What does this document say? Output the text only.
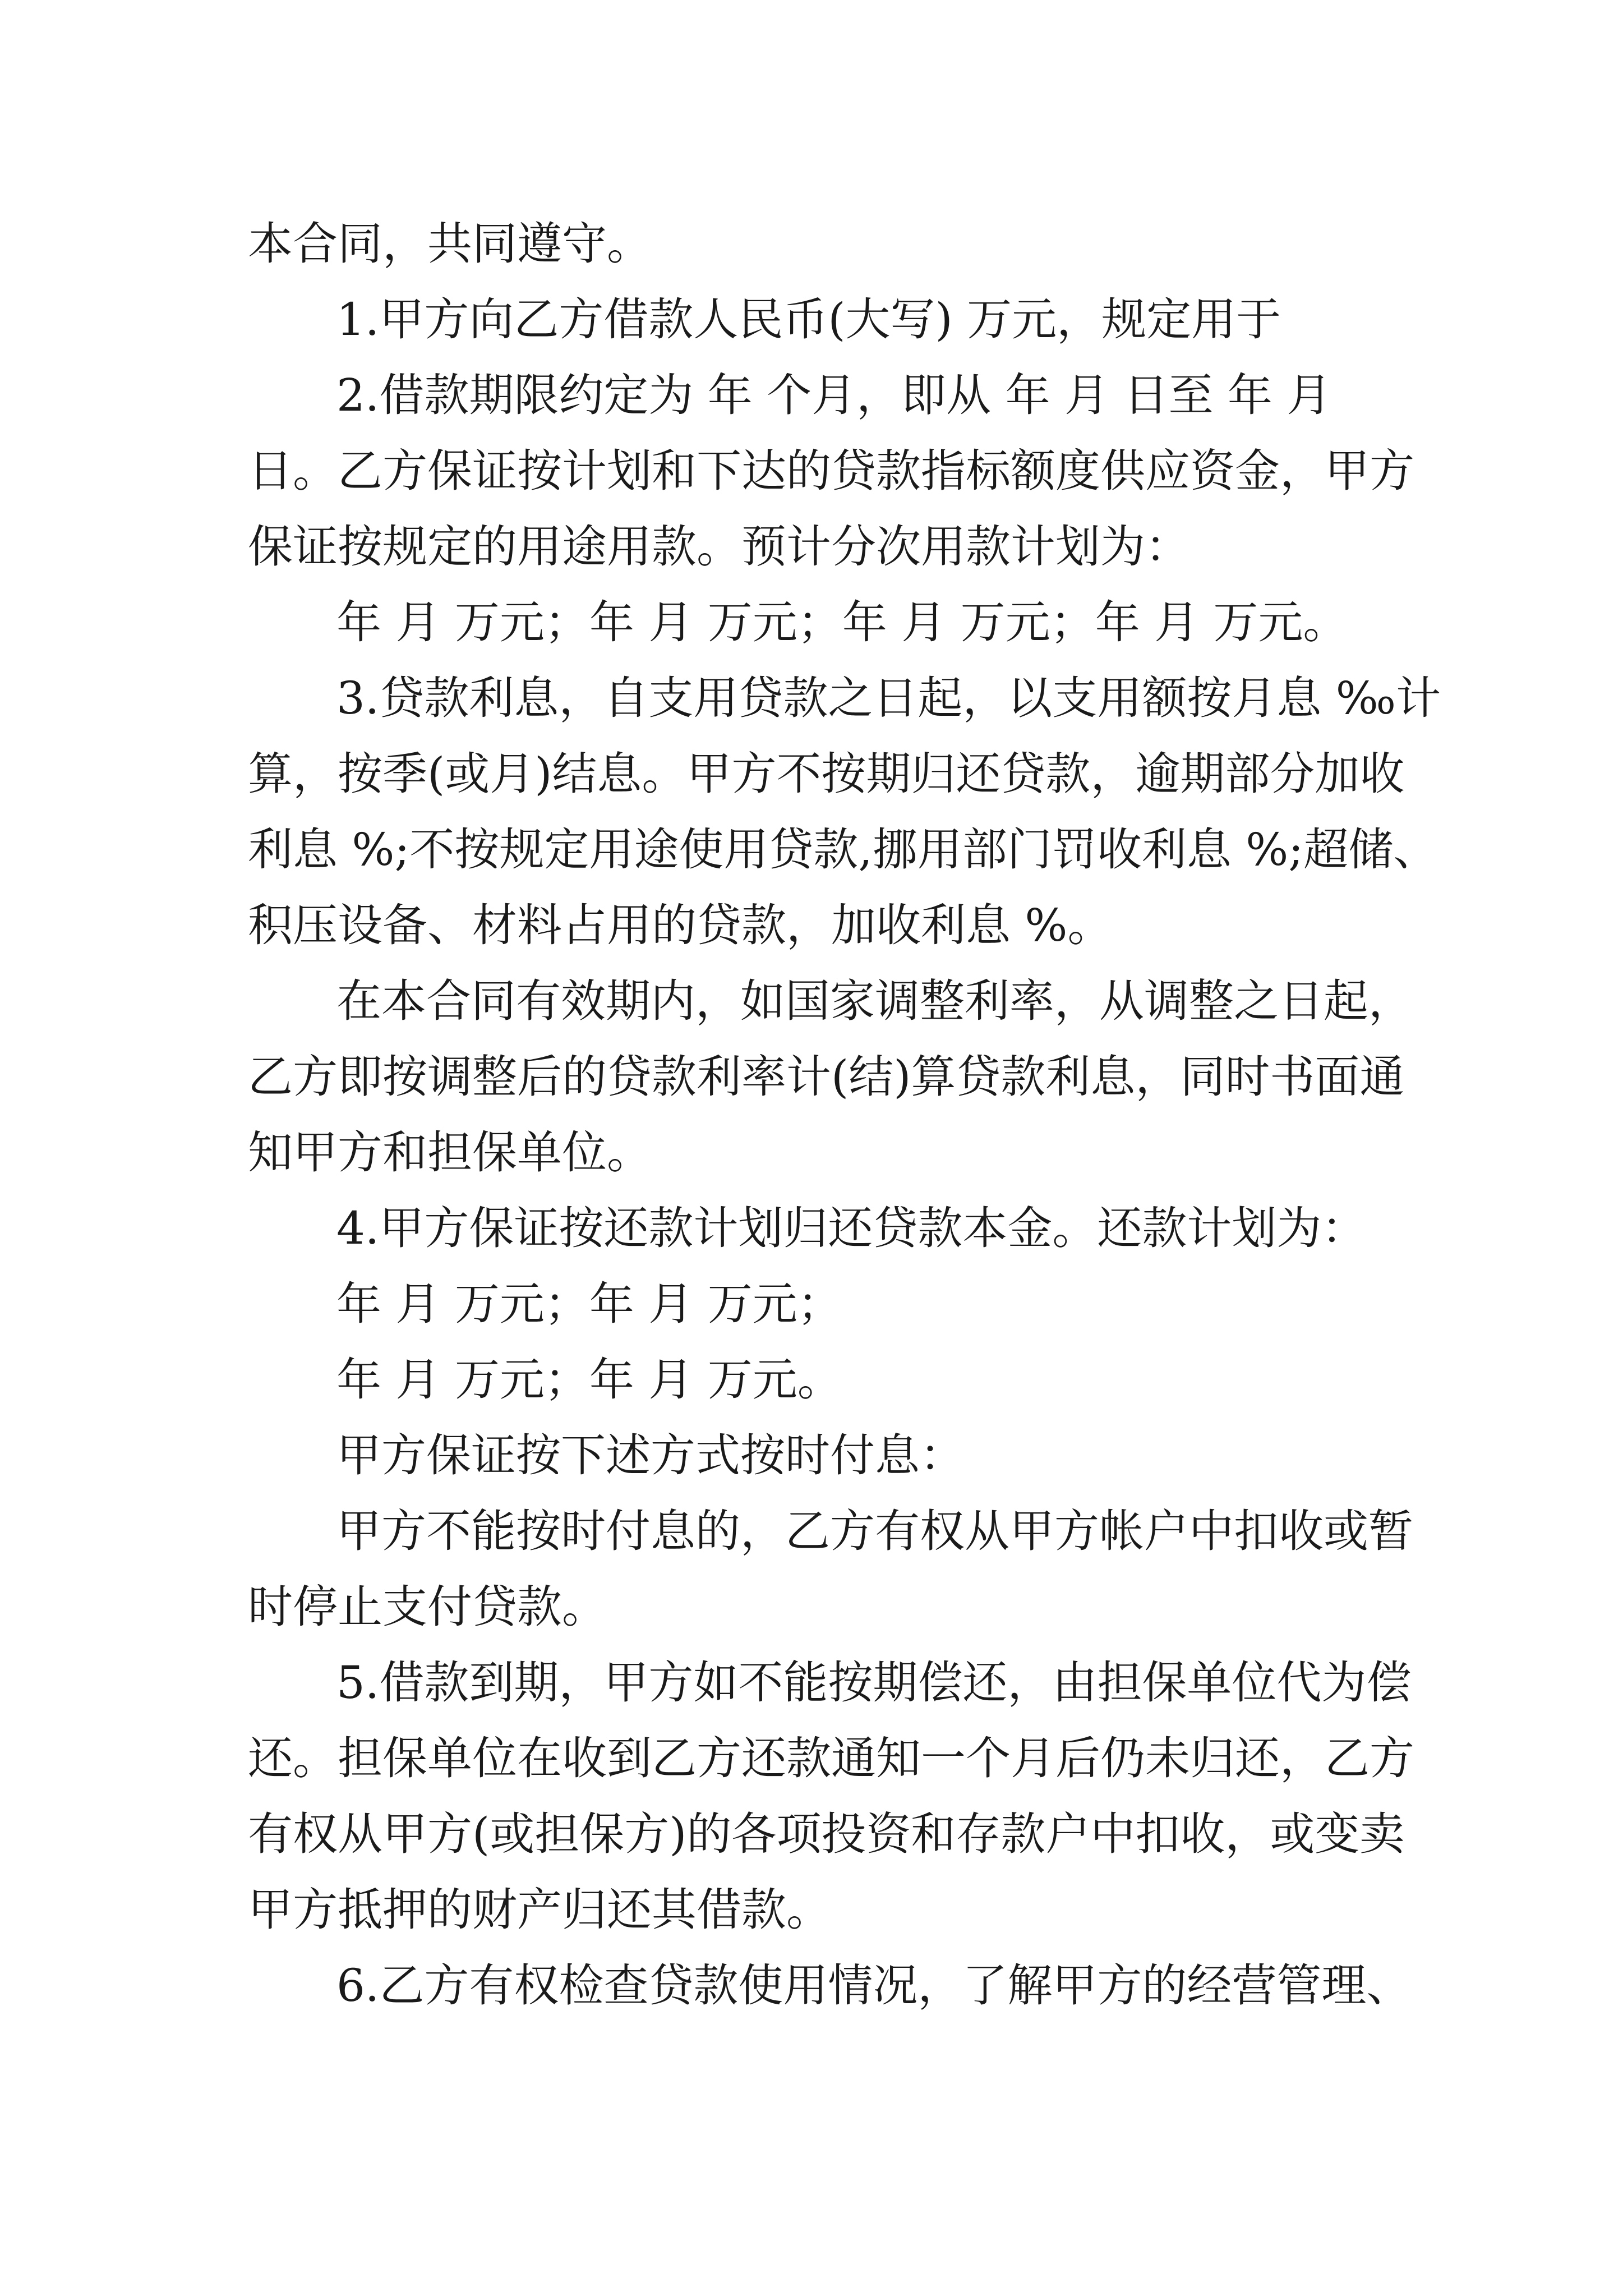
本合同，共同遵守。
1.甲方向乙方借款人民币(大写) 万元，规定用于
2.借款期限约定为 年 个月，即从 年 月 日至 年 月
日。乙方保证按计划和下达的贷款指标额度供应资金，甲方
保证按规定的用途用款。预计分次用款计划为：
年 月 万元；年 月 万元；年 月 万元；年 月 万元。
3.贷款利息，自支用贷款之日起，以支用额按月息 ‰计
算，按季(或月)结息。甲方不按期归还贷款，逾期部分加收
利息 %;不按规定用途使用贷款,挪用部门罚收利息 %;超储、
积压设备、材料占用的贷款，加收利息 %。
在本合同有效期内，如国家调整利率，从调整之日起，
乙方即按调整后的贷款利率计(结)算贷款利息，同时书面通
知甲方和担保单位。
4.甲方保证按还款计划归还贷款本金。还款计划为：
年 月 万元；年 月 万元；
年 月 万元；年 月 万元。
甲方保证按下述方式按时付息：
甲方不能按时付息的，乙方有权从甲方帐户中扣收或暂
时停止支付贷款。
5.借款到期，甲方如不能按期偿还，由担保单位代为偿
还。担保单位在收到乙方还款通知一个月后仍未归还，乙方
有权从甲方(或担保方)的各项投资和存款户中扣收，或变卖
甲方抵押的财产归还其借款。
6.乙方有权检查贷款使用情况，了解甲方的经营管理、
